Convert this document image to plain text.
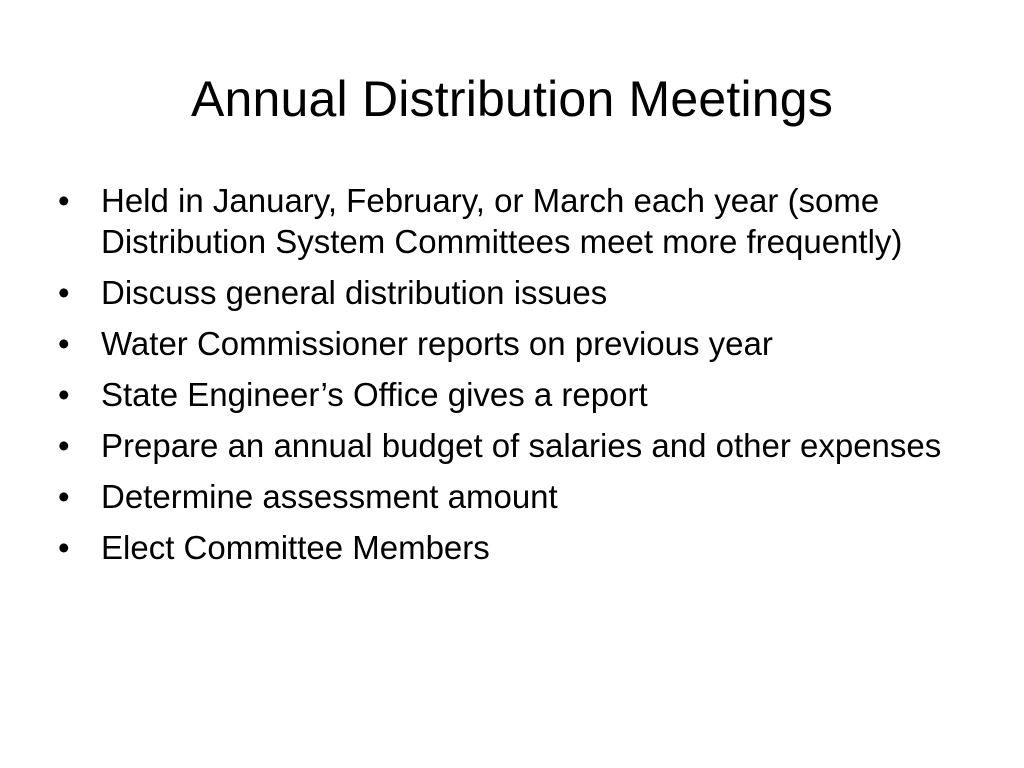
Annual Distribution Meetings
• Held in January, February, or March each year (some Distribution System Committees meet more frequently)
• Discuss general distribution issues
• Water Commissioner reports on previous year
• State Engineer’s Office gives a report
• Prepare an annual budget of salaries and other expenses
• Determine assessment amount
• Elect Committee Members
